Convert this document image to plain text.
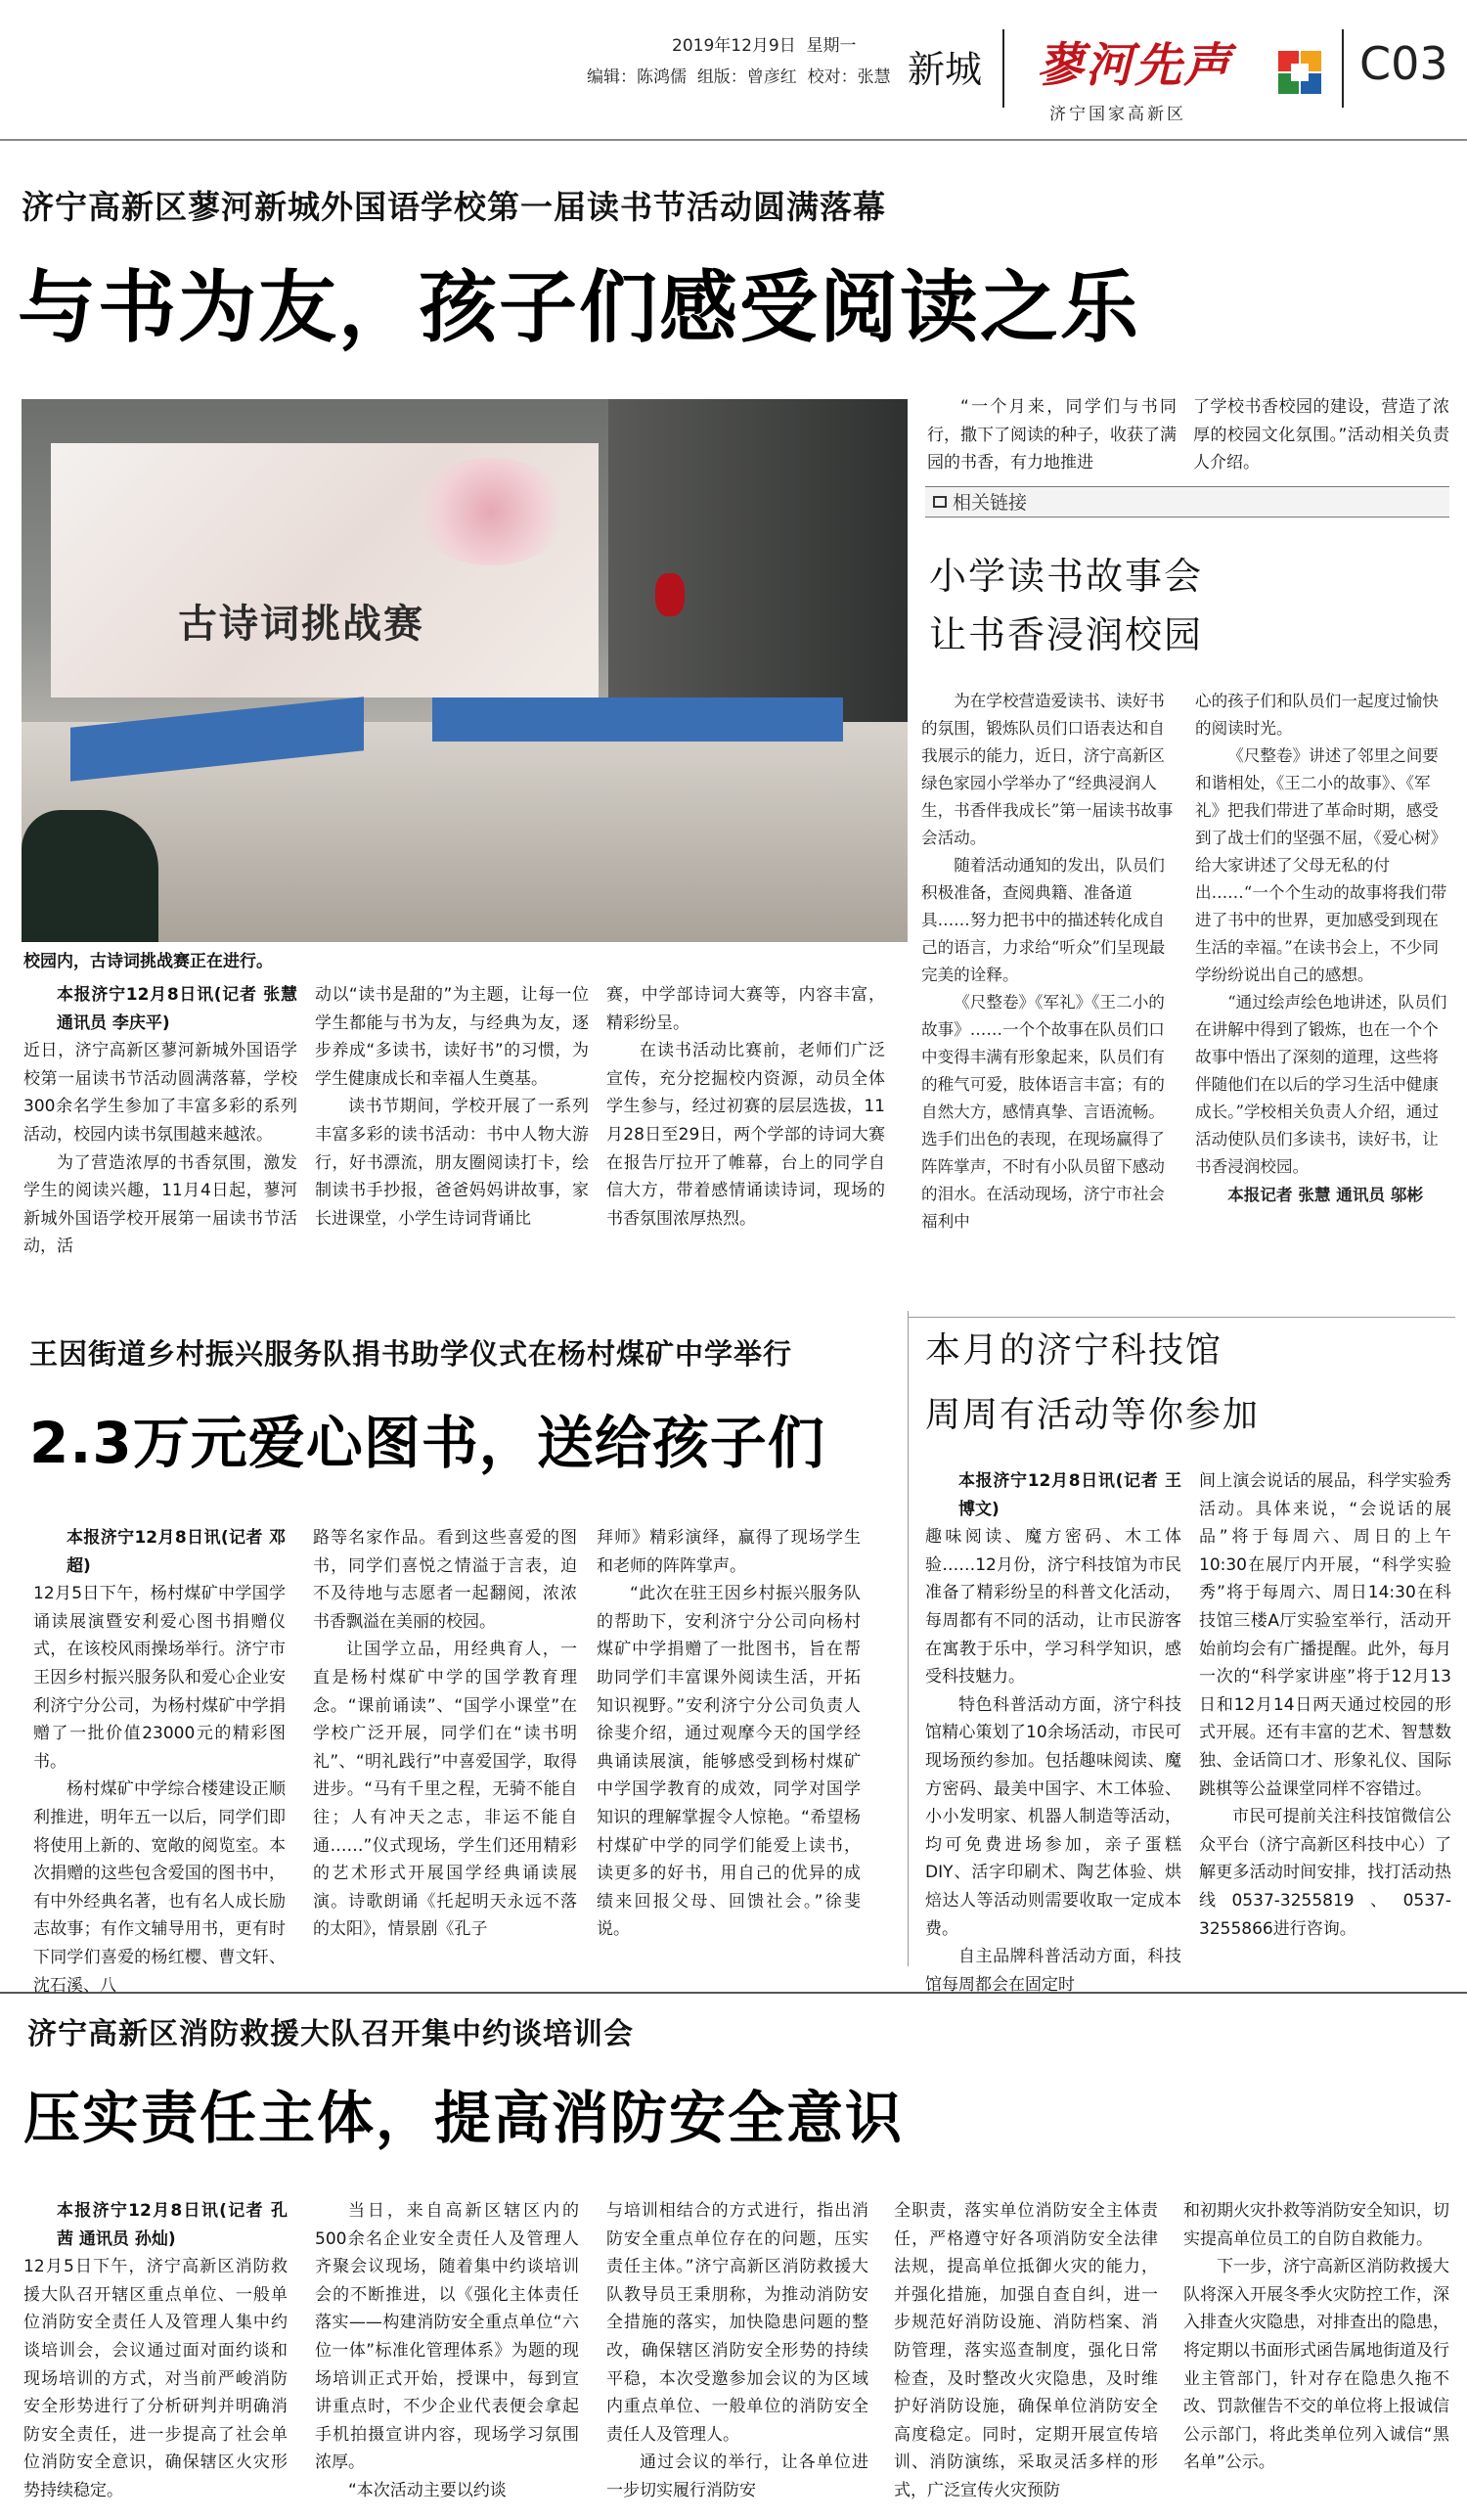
2019年12月9日 星期一
编辑：陈鸿儒 组版：曾彦红 校对：张慧 新城 蓼河先声
济宁国家高新区
C03
济宁高新区蓼河新城外国语学校第一届读书节活动圆满落幕
与书为友，孩子们感受阅读之乐
古诗词挑战赛
校园内，古诗词挑战赛正在进行。

本报济宁12月8日讯(记者 张慧 通讯员 李庆平)

近日，济宁高新区蓼河新城外国语学校第一届读书节活动圆满落幕，学校300余名学生参加了丰富多彩的系列活动，校园内读书氛围越来越浓。

为了营造浓厚的书香氛围，激发学生的阅读兴趣，11月4日起，蓼河新城外国语学校开展第一届读书节活动，活

动以“读书是甜的”为主题，让每一位学生都能与书为友，与经典为友，逐步养成“多读书，读好书”的习惯，为学生健康成长和幸福人生奠基。

读书节期间，学校开展了一系列丰富多彩的读书活动：书中人物大游行，好书漂流，朋友圈阅读打卡，绘制读书手抄报，爸爸妈妈讲故事，家长进课堂，小学生诗词背诵比

赛，中学部诗词大赛等，内容丰富，精彩纷呈。

在读书活动比赛前，老师们广泛宣传，充分挖掘校内资源，动员全体学生参与，经过初赛的层层选拔，11月28日至29日，两个学部的诗词大赛在报告厅拉开了帷幕，台上的同学自信大方，带着感情诵读诗词，现场的书香氛围浓厚热烈。

“一个月来，同学们与书同行，撒下了阅读的种子，收获了满园的书香，有力地推进

了学校书香校园的建设，营造了浓厚的校园文化氛围。”活动相关负责人介绍。

相关链接
小学读书故事会
让书香浸润校园

为在学校营造爱读书、读好书的氛围，锻炼队员们口语表达和自我展示的能力，近日，济宁高新区绿色家园小学举办了“经典浸润人生，书香伴我成长”第一届读书故事会活动。

随着活动通知的发出，队员们积极准备，查阅典籍、准备道具……努力把书中的描述转化成自己的语言，力求给“听众”们呈现最完美的诠释。

《尺整卷》《军礼》《王二小的故事》……一个个故事在队员们口中变得丰满有形象起来，队员们有的稚气可爱，肢体语言丰富；有的自然大方，感情真挚、言语流畅。选手们出色的表现，在现场赢得了阵阵掌声，不时有小队员留下感动的泪水。在活动现场，济宁市社会福利中

心的孩子们和队员们一起度过愉快的阅读时光。

《尺整卷》讲述了邻里之间要和谐相处，《王二小的故事》、《军礼》把我们带进了革命时期，感受到了战士们的坚强不屈，《爱心树》给大家讲述了父母无私的付出……“一个个生动的故事将我们带进了书中的世界，更加感受到现在生活的幸福。”在读书会上，不少同学纷纷说出自己的感想。

“通过绘声绘色地讲述，队员们在讲解中得到了锻炼，也在一个个故事中悟出了深刻的道理，这些将伴随他们在以后的学习生活中健康成长。”学校相关负责人介绍，通过活动使队员们多读书，读好书，让书香浸润校园。

本报记者 张慧 通讯员 邬彬

王因街道乡村振兴服务队捐书助学仪式在杨村煤矿中学举行
2.3万元爱心图书，送给孩子们

本报济宁12月8日讯(记者 邓超)

12月5日下午，杨村煤矿中学国学诵读展演暨安利爱心图书捐赠仪式，在该校风雨操场举行。济宁市王因乡村振兴服务队和爱心企业安利济宁分公司，为杨村煤矿中学捐赠了一批价值23000元的精彩图书。

杨村煤矿中学综合楼建设正顺利推进，明年五一以后，同学们即将使用上新的、宽敞的阅览室。本次捐赠的这些包含爱国的图书中，有中外经典名著，也有名人成长励志故事；有作文辅导用书，更有时下同学们喜爱的杨红樱、曹文轩、沈石溪、八

路等名家作品。看到这些喜爱的图书，同学们喜悦之情溢于言表，迫不及待地与志愿者一起翻阅，浓浓书香飘溢在美丽的校园。

让国学立品，用经典育人，一直是杨村煤矿中学的国学教育理念。“课前诵读”、“国学小课堂”在学校广泛开展，同学们在“读书明礼”、“明礼践行”中喜爱国学，取得进步。“马有千里之程，无骑不能自往；人有冲天之志，非运不能自通……”仪式现场，学生们还用精彩的艺术形式开展国学经典诵读展演。诗歌朗诵《托起明天永远不落的太阳》，情景剧《孔子

拜师》精彩演绎，赢得了现场学生和老师的阵阵掌声。

“此次在驻王因乡村振兴服务队的帮助下，安利济宁分公司向杨村煤矿中学捐赠了一批图书，旨在帮助同学们丰富课外阅读生活，开拓知识视野。”安利济宁分公司负责人徐斐介绍，通过观摩今天的国学经典诵读展演，能够感受到杨村煤矿中学国学教育的成效，同学对国学知识的理解掌握令人惊艳。“希望杨村煤矿中学的同学们能爱上读书，读更多的好书，用自己的优异的成绩来回报父母、回馈社会。”徐斐说。

本月的济宁科技馆
周周有活动等你参加

本报济宁12月8日讯(记者 王博文)

趣味阅读、魔方密码、木工体验……12月份，济宁科技馆为市民准备了精彩纷呈的科普文化活动，每周都有不同的活动，让市民游客在寓教于乐中，学习科学知识，感受科技魅力。

特色科普活动方面，济宁科技馆精心策划了10余场活动，市民可现场预约参加。包括趣味阅读、魔方密码、最美中国字、木工体验、小小发明家、机器人制造等活动，均可免费进场参加，亲子蛋糕DIY、活字印刷术、陶艺体验、烘焙达人等活动则需要收取一定成本费。

自主品牌科普活动方面，科技馆每周都会在固定时

间上演会说话的展品，科学实验秀活动。具体来说，“会说话的展品”将于每周六、周日的上午10:30在展厅内开展，“科学实验秀”将于每周六、周日14:30在科技馆三楼A厅实验室举行，活动开始前均会有广播提醒。此外，每月一次的“科学家讲座”将于12月13日和12月14日两天通过校园的形式开展。还有丰富的艺术、智慧数独、金话筒口才、形象礼仪、国际跳棋等公益课堂同样不容错过。

市民可提前关注科技馆微信公众平台（济宁高新区科技中心）了解更多活动时间安排，找打活动热线0537-3255819、0537-3255866进行咨询。

济宁高新区消防救援大队召开集中约谈培训会
压实责任主体，提高消防安全意识

本报济宁12月8日讯(记者 孔茜 通讯员 孙灿)

12月5日下午，济宁高新区消防救援大队召开辖区重点单位、一般单位消防安全责任人及管理人集中约谈培训会，会议通过面对面约谈和现场培训的方式，对当前严峻消防安全形势进行了分析研判并明确消防安全责任，进一步提高了社会单位消防安全意识，确保辖区火灾形势持续稳定。

当日，来自高新区辖区内的500余名企业安全责任人及管理人齐聚会议现场，随着集中约谈培训会的不断推进，以《强化主体责任落实——构建消防安全重点单位“六位一体”标准化管理体系》为题的现场培训正式开始，授课中，每到宣讲重点时，不少企业代表便会拿起手机拍摄宣讲内容，现场学习氛围浓厚。

“本次活动主要以约谈

与培训相结合的方式进行，指出消防安全重点单位存在的问题，压实责任主体。”济宁高新区消防救援大队教导员王秉朋称，为推动消防安全措施的落实，加快隐患问题的整改，确保辖区消防安全形势的持续平稳，本次受邀参加会议的为区域内重点单位、一般单位的消防安全责任人及管理人。

通过会议的举行，让各单位进一步切实履行消防安

全职责，落实单位消防安全主体责任，严格遵守好各项消防安全法律法规，提高单位抵御火灾的能力，并强化措施，加强自查自纠，进一步规范好消防设施、消防档案、消防管理，落实巡查制度，强化日常检查，及时整改火灾隐患，及时维护好消防设施，确保单位消防安全高度稳定。同时，定期开展宣传培训、消防演练，采取灵活多样的形式，广泛宣传火灾预防

和初期火灾扑救等消防安全知识，切实提高单位员工的自防自救能力。

下一步，济宁高新区消防救援大队将深入开展冬季火灾防控工作，深入排查火灾隐患，对排查出的隐患，将定期以书面形式函告属地街道及行业主管部门，针对存在隐患久拖不改、罚款催告不交的单位将上报诚信公示部门，将此类单位列入诚信“黑名单”公示。
